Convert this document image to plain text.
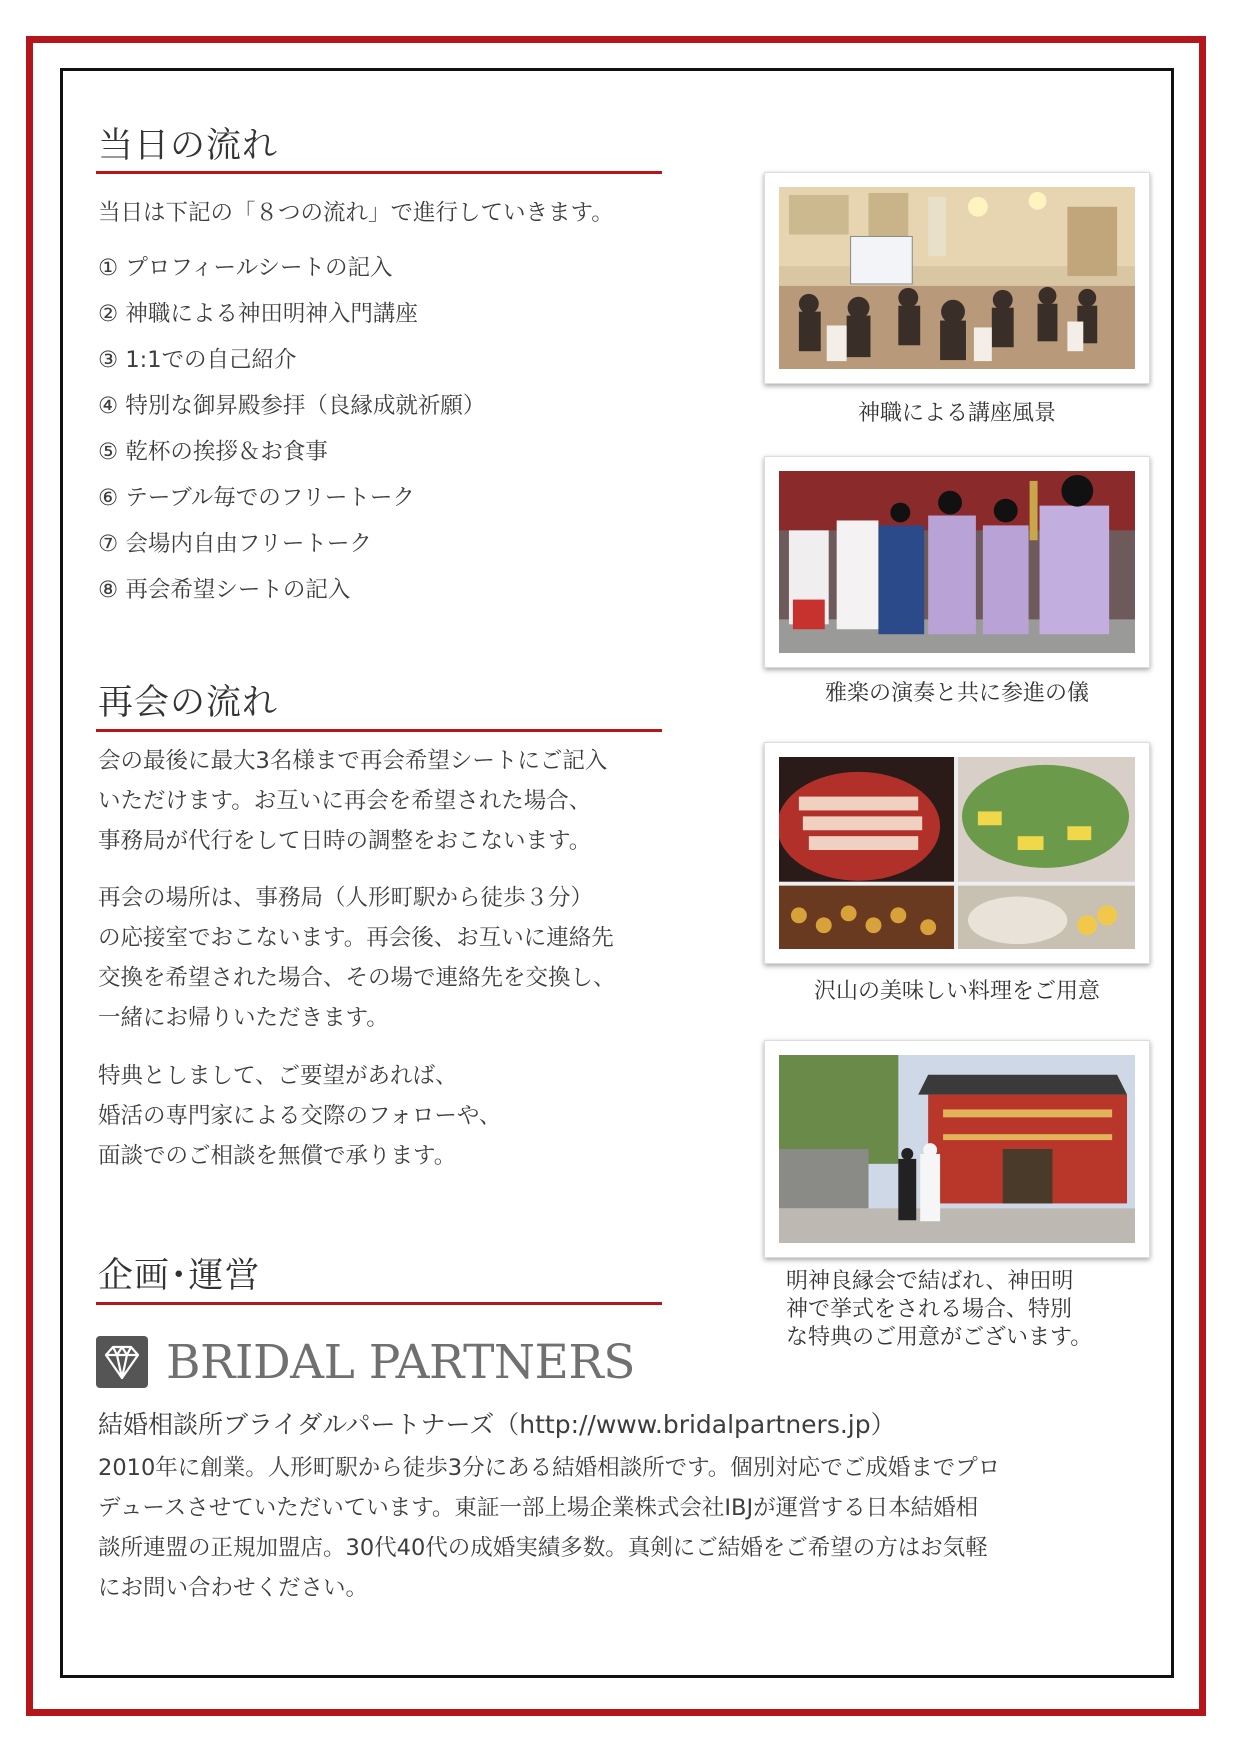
当日の流れ
当日は下記の「８つの流れ」で進行していきます。
① プロフィールシートの記入
② 神職による神田明神入門講座
③ 1:1での自己紹介
④ 特別な御昇殿参拝（良縁成就祈願）
⑤ 乾杯の挨拶＆お食事
⑥ テーブル毎でのフリートーク
⑦ 会場内自由フリートーク
⑧ 再会希望シートの記入
再会の流れ
会の最後に最大3名様まで再会希望シートにご記入
いただけます。お互いに再会を希望された場合、
事務局が代行をして日時の調整をおこないます。
再会の場所は、事務局（人形町駅から徒歩３分）
の応接室でおこないます。再会後、お互いに連絡先
交換を希望された場合、その場で連絡先を交換し、
一緒にお帰りいただきます。
特典としまして、ご要望があれば、
婚活の専門家による交際のフォローや、
面談でのご相談を無償で承ります。
企画･運営
BRIDAL PARTNERS
結婚相談所ブライダルパートナーズ（http://www.bridalpartners.jp）
2010年に創業。人形町駅から徒歩3分にある結婚相談所です。個別対応でご成婚までプロ
デュースさせていただいています。東証一部上場企業株式会社IBJが運営する日本結婚相
談所連盟の正規加盟店。30代40代の成婚実績多数。真剣にご結婚をご希望の方はお気軽
にお問い合わせください。
神職による講座風景
雅楽の演奏と共に参進の儀
沢山の美味しい料理をご用意
明神良縁会で結ばれ、神田明
神で挙式をされる場合、特別
な特典のご用意がございます。
